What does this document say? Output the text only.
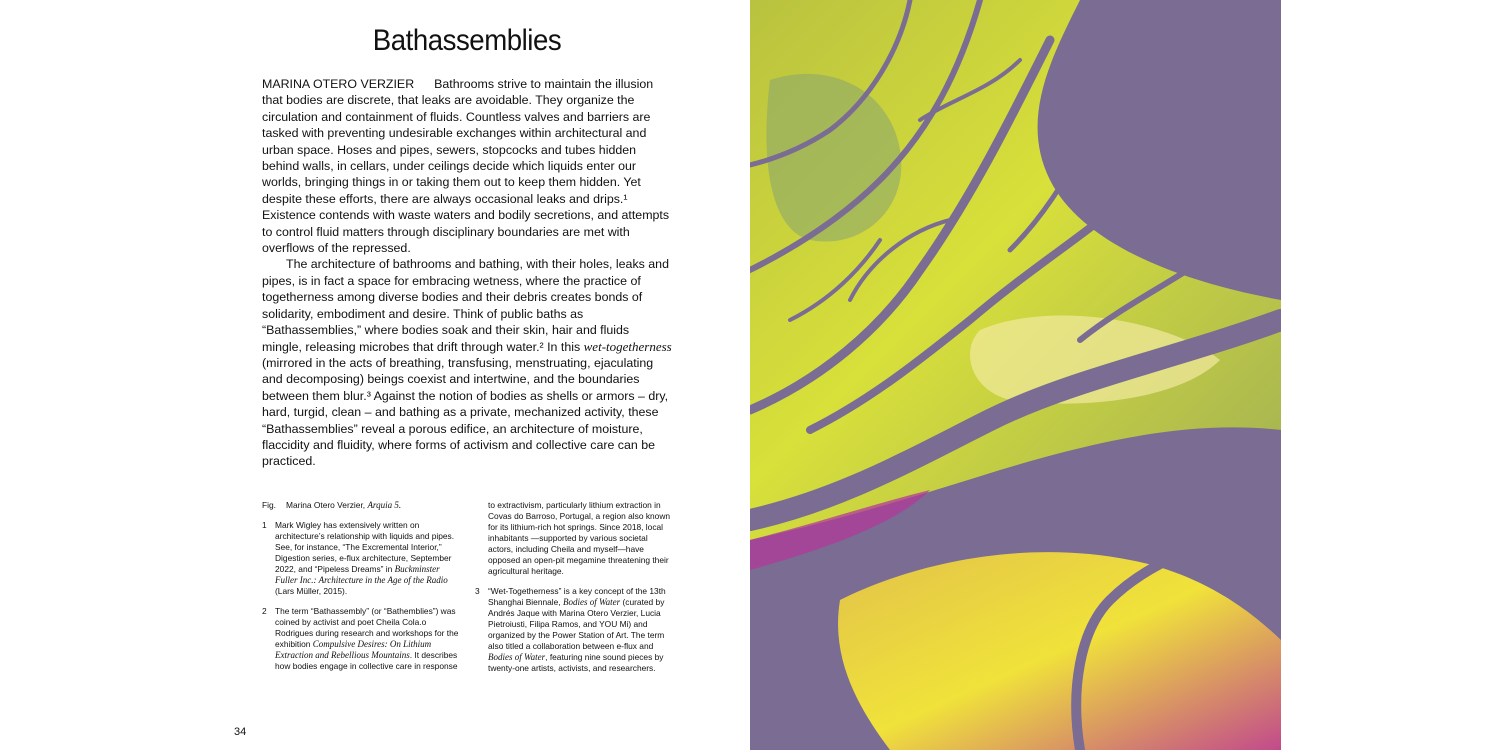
Bathassemblies

MARINA OTERO VERZIER Bathrooms strive to maintain the illusion that bodies are discrete, that leaks are avoidable. They organize the circulation and containment of fluids. Countless valves and barriers are tasked with preventing undesirable exchanges within architectural and urban space. Hoses and pipes, sewers, stopcocks and tubes hidden behind walls, in cellars, under ceilings decide which liquids enter our worlds, bringing things in or taking them out to keep them hidden. Yet despite these efforts, there are always occasional leaks and drips.¹ Existence contends with waste waters and bodily secretions, and attempts to control fluid matters through disciplinary boundaries are met with overflows of the repressed.

The architecture of bathrooms and bathing, with their holes, leaks and pipes, is in fact a space for embracing wetness, where the practice of togetherness among diverse bodies and their debris creates bonds of solidarity, embodiment and desire. Think of public baths as “Bathassemblies,” where bodies soak and their skin, hair and fluids mingle, releasing microbes that drift through water.² In this wet-togetherness (mirrored in the acts of breathing, transfusing, menstruating, ejaculating and decomposing) beings coexist and intertwine, and the boundaries between them blur.³ Against the notion of bodies as shells or armors – dry, hard, turgid, clean – and bathing as a private, mechanized activity, these “Bathassemblies” reveal a porous edifice, an architecture of moisture, flaccidity and fluidity, where forms of activism and collective care can be practiced.

Fig. Marina Otero Verzier, Arquia 5.
1 Mark Wigley has extensively written on architecture’s relationship with liquids and pipes. See, for instance, “The Excremental Interior,” Digestion series, e-flux architecture, September 2022, and “Pipeless Dreams” in Buckminster Fuller Inc.: Architecture in the Age of the Radio (Lars Müller, 2015).
2 The term “Bathassembly” (or “Bathemblies”) was coined by activist and poet Cheila Cola.o Rodrigues during research and workshops for the exhibition Compulsive Desires: On Lithium Extraction and Rebellious Mountains. It describes how bodies engage in collective care in response
to extractivism, particularly lithium extraction in Covas do Barroso, Portugal, a region also known for its lithium-rich hot springs. Since 2018, local inhabitants —supported by various societal actors, including Cheila and myself—have opposed an open-pit megamine threatening their agricultural heritage.
3 “Wet-Togetherness” is a key concept of the 13th Shanghai Biennale, Bodies of Water (curated by Andrés Jaque with Marina Otero Verzier, Lucia Pietroiusti, Filipa Ramos, and YOU Mi) and organized by the Power Station of Art. The term also titled a collaboration between e-flux and Bodies of Water, featuring nine sound pieces by twenty-one artists, activists, and researchers.
34
